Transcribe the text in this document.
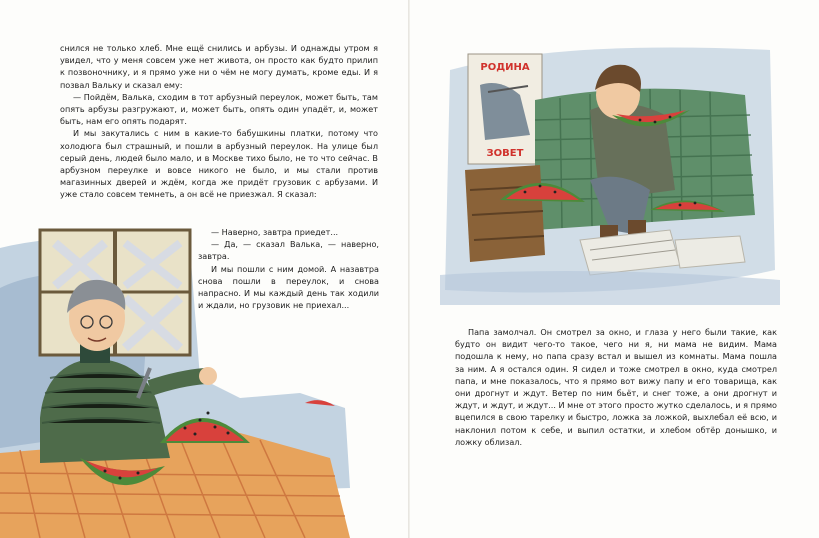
снился не только хлеб. Мне ещё снились и арбузы. И однажды утром я увидел, что у меня совсем уже нет живота, он просто как будто прилип к позвоночнику, и я прямо уже ни о чём не могу думать, кроме еды. И я позвал Вальку и сказал ему:

— Пойдём, Валька, сходим в тот арбузный переулок, может быть, там опять арбузы разгружают, и, может быть, опять один упадёт, и, может быть, нам его опять подарят.

И мы закутались с ним в какие-то бабушкины платки, потому что холодюга был страшный, и пошли в арбузный переулок. На улице был серый день, людей было мало, и в Москве тихо было, не то что сейчас. В арбузном переулке и вовсе никого не было, и мы стали против магазинных дверей и ждём, когда же придёт грузовик с арбузами. И уже стало совсем темнеть, а он всё не приезжал. Я сказал:

— Наверно, завтра приедет...

— Да, — сказал Валька, — наверно, завтра.

И мы пошли с ним домой. А назавтра снова пошли в переулок, и снова напрасно. И мы каждый день так ходили и ждали, но грузовик не приехал...

РОДИНА
ЗОВЕТ

Папа замолчал. Он смотрел за окно, и глаза у него были такие, как будто он видит чего-то такое, чего ни я, ни мама не видим. Мама подошла к нему, но папа сразу встал и вышел из комнаты. Мама пошла за ним. А я остался один. Я сидел и тоже смотрел в окно, куда смотрел папа, и мне показалось, что я прямо вот вижу папу и его товарища, как они дрогнут и ждут. Ветер по ним бьёт, и снег тоже, а они дрогнут и ждут, и ждут, и ждут... И мне от этого просто жутко сделалось, и я прямо вцепился в свою тарелку и быстро, ложка за ложкой, выхлебал её всю, и наклонил потом к себе, и выпил остатки, и хлебом обтёр донышко, и ложку облизал.
